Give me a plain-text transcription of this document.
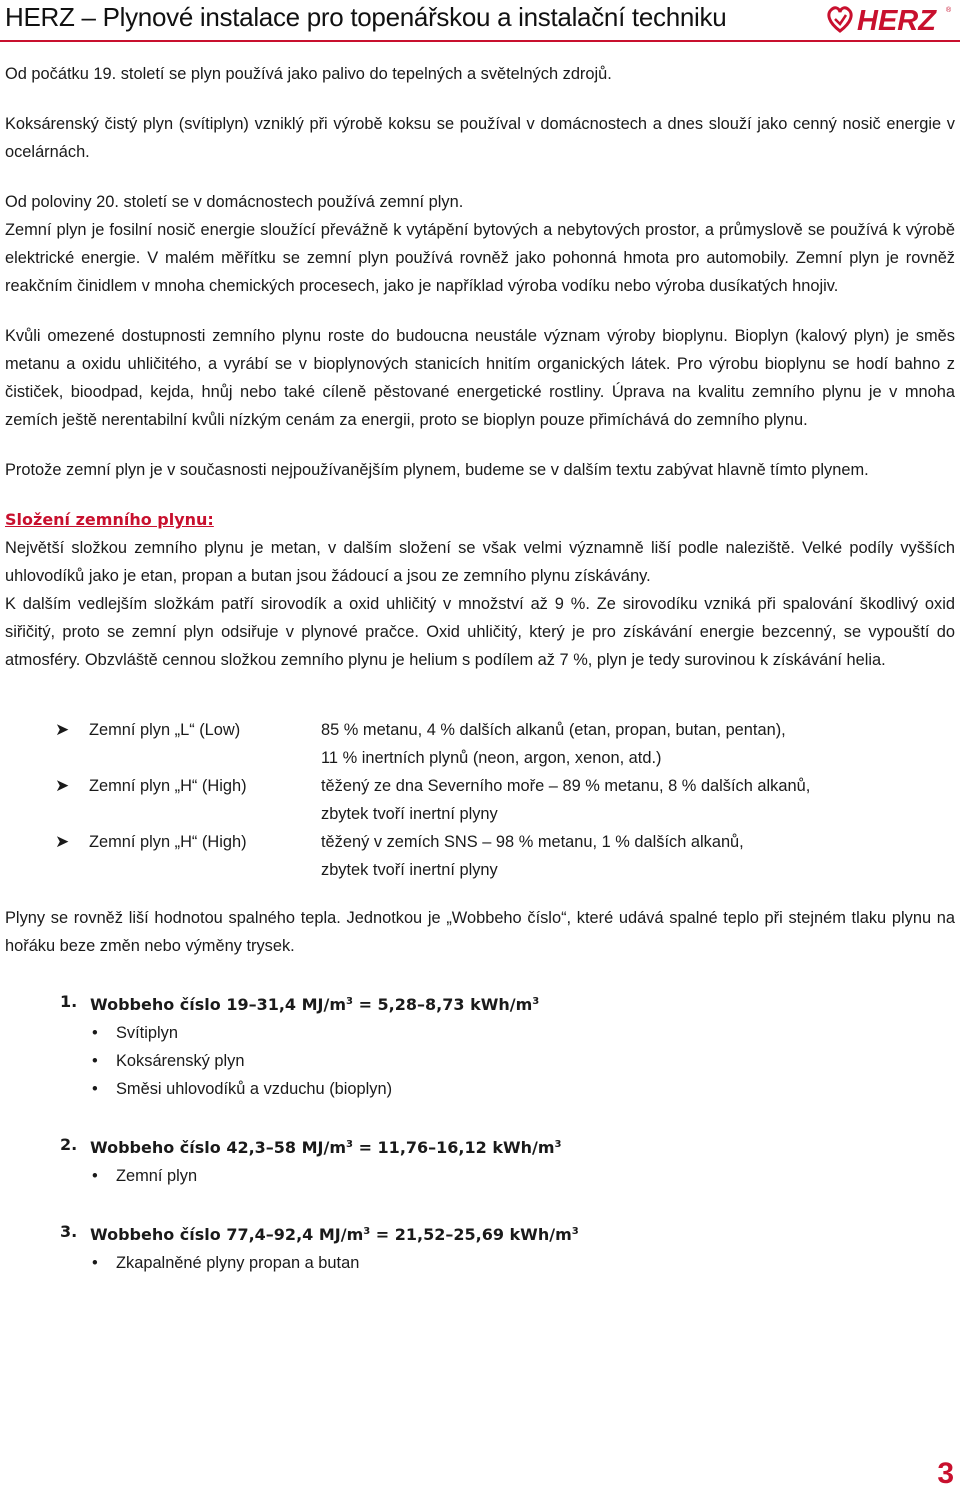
HERZ – Plynové instalace pro topenářskou a instalační techniku	HERZ ®

Od počátku 19. století se plyn používá jako palivo do tepelných a světelných zdrojů.

Koksárenský čistý plyn (svítiplyn) vzniklý při výrobě koksu se používal v domácnostech a dnes slouží jako cenný nosič energie v ocelárnách.

Od poloviny 20. století se v domácnostech používá zemní plyn.

Zemní plyn je fosilní nosič energie sloužící převážně k vytápění bytových a nebytových prostor, a průmyslově se používá k výrobě elektrické energie. V malém měřítku se zemní plyn používá rovněž jako pohonná hmota pro automobily. Zemní plyn je rovněž reakčním činidlem v mnoha chemických procesech, jako je například výroba vodíku nebo výroba dusíkatých hnojiv.

Kvůli omezené dostupnosti zemního plynu roste do budoucna neustále význam výroby bioplynu. Bioplyn (kalový plyn) je směs metanu a oxidu uhličitého, a vyrábí se v bioplynových stanicích hnitím organických látek. Pro výrobu bioplynu se hodí bahno z čističek, bioodpad, kejda, hnůj nebo také cíleně pěstované energetické rostliny. Úprava na kvalitu zemního plynu je v mnoha zemích ještě nerentabilní kvůli nízkým cenám za energii, proto se bioplyn pouze přimíchává do zemního plynu.

Protože zemní plyn je v současnosti nejpoužívanějším plynem, budeme se v dalším textu zabývat hlavně tímto plynem.

Složení zemního plynu:

Největší složkou zemního plynu je metan, v dalším složení se však velmi významně liší podle naleziště. Velké podíly vyšších uhlovodíků jako je etan, propan a butan jsou žádoucí a jsou ze zemního plynu získávány.

K dalším vedlejším složkám patří sirovodík a oxid uhličitý v množství až 9 %. Ze sirovodíku vzniká při spalování škodlivý oxid siřičitý, proto se zemní plyn odsiřuje v plynové pračce. Oxid uhličitý, který je pro získávání energie bezcenný, se vypouští do atmosféry. Obzvláště cennou složkou zemního plynu je helium s podílem až 7 %, plyn je tedy surovinou k získávání helia.

➤ Zemní plyn „L“ (Low)	85 % metanu, 4 % dalších alkanů (etan, propan, butan, pentan),
11 % inertních plynů (neon, argon, xenon, atd.)
➤ Zemní plyn „H“ (High)	těžený ze dna Severního moře – 89 % metanu, 8 % dalších alkanů,
zbytek tvoří inertní plyny
➤ Zemní plyn „H“ (High)	těžený v zemích SNS – 98 % metanu, 1 % dalších alkanů,
zbytek tvoří inertní plyny

Plyny se rovněž liší hodnotou spalného tepla. Jednotkou je „Wobbeho číslo“, které udává spalné teplo při stejném tlaku plynu na hořáku beze změn nebo výměny trysek.

1. Wobbeho číslo 19–31,4 $MJ/m^3 = 5,28-8,73$ kWh/$m^3$
• Svítiplyn
• Koksárenský plyn
• Směsi uhlovodíků a vzduchu (bioplyn)
2. Wobbeho číslo 42,3–58 $MJ/m^3 = 11,76-16,12$ kWh/$m^3$
• Zemní plyn
3. Wobbeho číslo 77,4–92,4 $MJ/m^3 = 21,52-25,69$ kWh/$m^3$
• Zkapalněné plyny propan a butan
3
